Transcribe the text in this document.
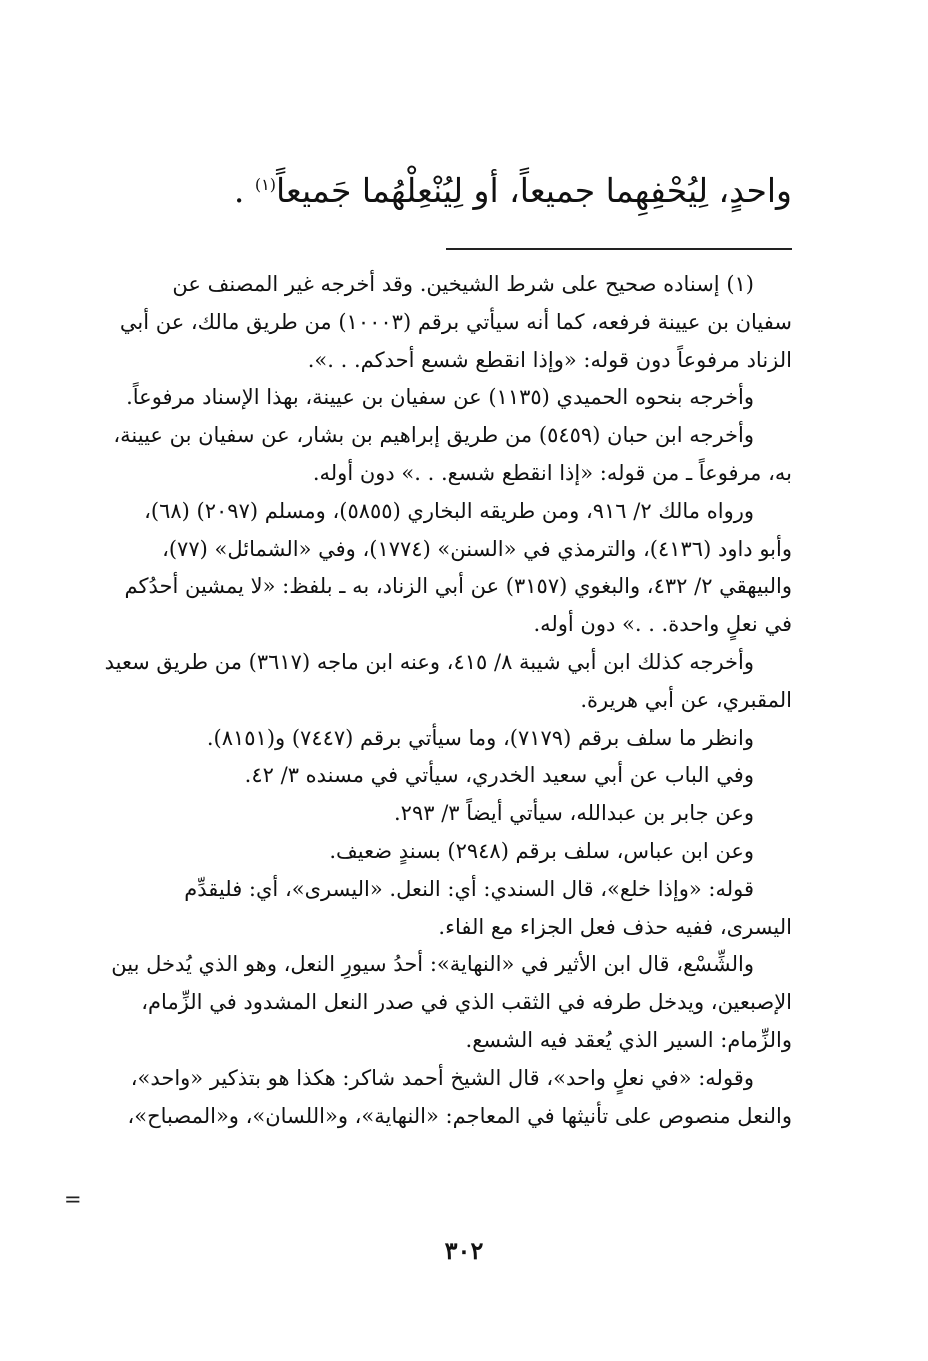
واحدٍ، لِيُحْفِهِما جميعاً، أو لِيُنْعِلْهُما جَميعاً$^{(١)}$ .
(١) إسناده صحيح على شرط الشيخين. وقد أخرجه غير المصنف عن
سفيان بن عيينة فرفعه، كما أنه سيأتي برقم (١٠٠٠٣) من طريق مالك، عن أبي
الزناد مرفوعاً دون قوله: «وإذا انقطع شسع أحدكم. . .».
وأخرجه بنحوه الحميدي (١١٣٥) عن سفيان بن عيينة، بهذا الإسناد مرفوعاً.
وأخرجه ابن حبان (٥٤٥٩) من طريق إبراهيم بن بشار، عن سفيان بن عيينة،
به، مرفوعاً ـ من قوله: «إذا انقطع شسع. . .» دون أوله.
ورواه مالك ٢/ ٩١٦، ومن طريقه البخاري (٥٨٥٥)، ومسلم (٢٠٩٧) (٦٨)،
وأبو داود (٤١٣٦)، والترمذي في «السنن» (١٧٧٤)، وفي «الشمائل» (٧٧)،
والبيهقي ٢/ ٤٣٢، والبغوي (٣١٥٧) عن أبي الزناد، به ـ بلفظ: «لا يمشين أحدُكم
في نعلٍ واحدة. . .» دون أوله.
وأخرجه كذلك ابن أبي شيبة ٨/ ٤١٥، وعنه ابن ماجه (٣٦١٧) من طريق سعيد
المقبري، عن أبي هريرة.
وانظر ما سلف برقم (٧١٧٩)، وما سيأتي برقم (٧٤٤٧) و(٨١٥١).
وفي الباب عن أبي سعيد الخدري، سيأتي في مسنده ٣/ ٤٢.
وعن جابر بن عبدالله، سيأتي أيضاً ٣/ ٢٩٣.
وعن ابن عباس، سلف برقم (٢٩٤٨) بسندٍ ضعيف.
قوله: «وإذا خلع»، قال السندي: أي: النعل. «اليسرى»، أي: فليقدِّم
اليسرى، ففيه حذف فعل الجزاء مع الفاء.
والشِّسْع، قال ابن الأثير في «النهاية»: أحدُ سيورِ النعل، وهو الذي يُدخل بين
الإصبعين، ويدخل طرفه في الثقب الذي في صدر النعل المشدود في الزِّمام،
والزِّمام: السير الذي يُعقد فيه الشسع.
وقوله: «في نعلٍ واحد»، قال الشيخ أحمد شاكر: هكذا هو بتذكير «واحد»،
والنعل منصوص على تأنيثها في المعاجم: «النهاية»، و«اللسان»، و«المصباح»،
=
٣٠٢
